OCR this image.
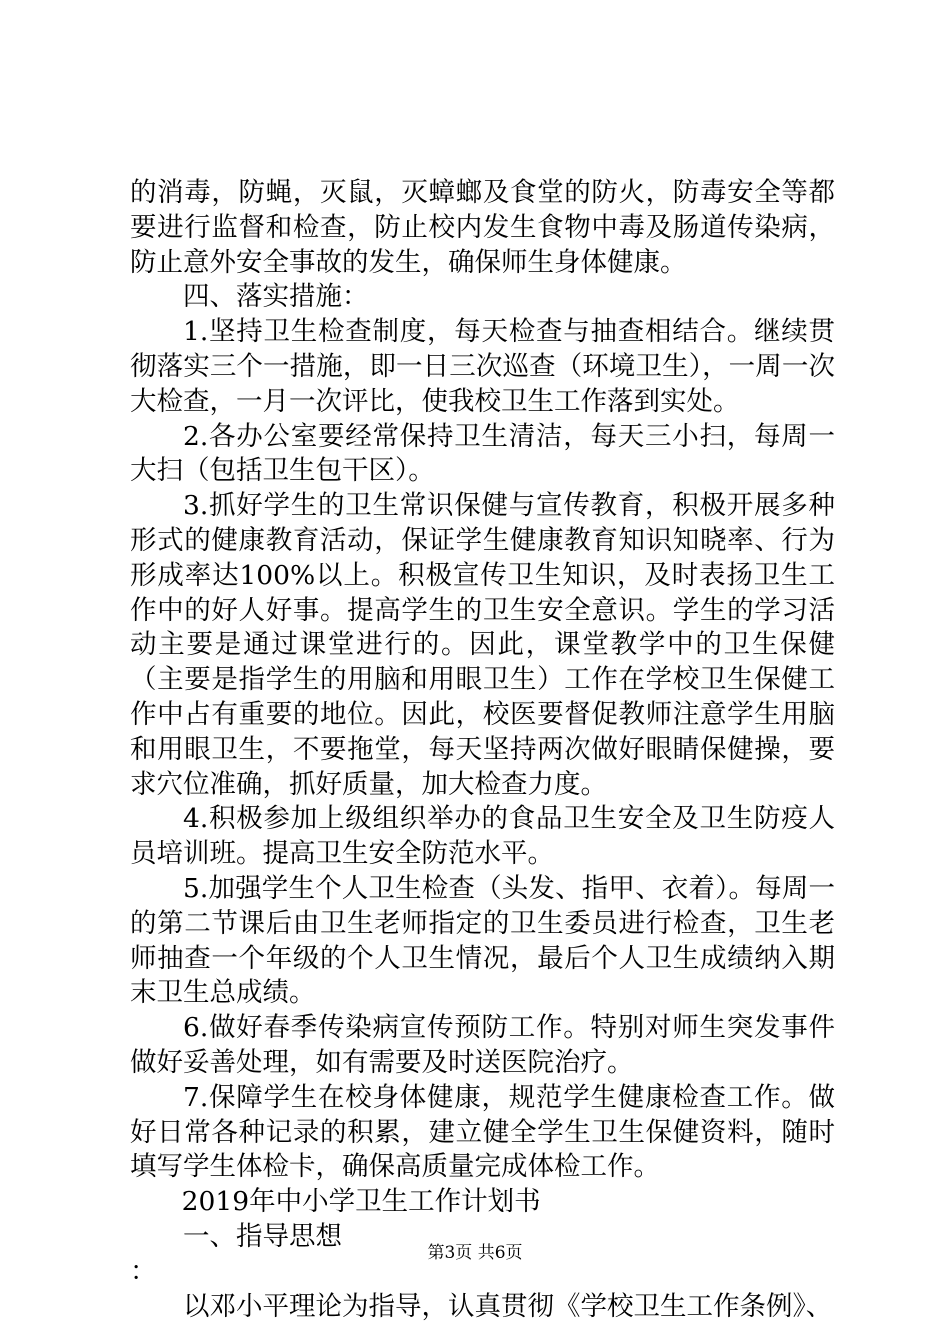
的消毒，防蝇，灭鼠，灭蟑螂及食堂的防火，防毒安全等都要进行监督和检查，防止校内发生食物中毒及肠道传染病，防止意外安全事故的发生，确保师生身体健康。

四、落实措施：

1.坚持卫生检查制度，每天检查与抽查相结合。继续贯彻落实三个一措施，即一日三次巡查（环境卫生），一周一次大检查，一月一次评比，使我校卫生工作落到实处。

2.各办公室要经常保持卫生清洁，每天三小扫，每周一大扫（包括卫生包干区）。

3.抓好学生的卫生常识保健与宣传教育，积极开展多种形式的健康教育活动，保证学生健康教育知识知晓率、行为形成率达100%以上。积极宣传卫生知识，及时表扬卫生工作中的好人好事。提高学生的卫生安全意识。学生的学习活动主要是通过课堂进行的。因此，课堂教学中的卫生保健（主要是指学生的用脑和用眼卫生）工作在学校卫生保健工作中占有重要的地位。因此，校医要督促教师注意学生用脑和用眼卫生，不要拖堂，每天坚持两次做好眼睛保健操，要求穴位准确，抓好质量，加大检查力度。

4.积极参加上级组织举办的食品卫生安全及卫生防疫人员培训班。提高卫生安全防范水平。

5.加强学生个人卫生检查（头发、指甲、衣着）。每周一的第二节课后由卫生老师指定的卫生委员进行检查，卫生老师抽查一个年级的个人卫生情况，最后个人卫生成绩纳入期末卫生总成绩。

6.做好春季传染病宣传预防工作。特别对师生突发事件做好妥善处理，如有需要及时送医院治疗。

7.保障学生在校身体健康，规范学生健康检查工作。做好日常各种记录的积累，建立健全学生卫生保健资料，随时填写学生体检卡，确保高质量完成体检工作。

2019年中小学卫生工作计划书

一、指导思想

：

以邓小平理论为指导，认真贯彻《学校卫生工作条例》、

第3页 共6页
